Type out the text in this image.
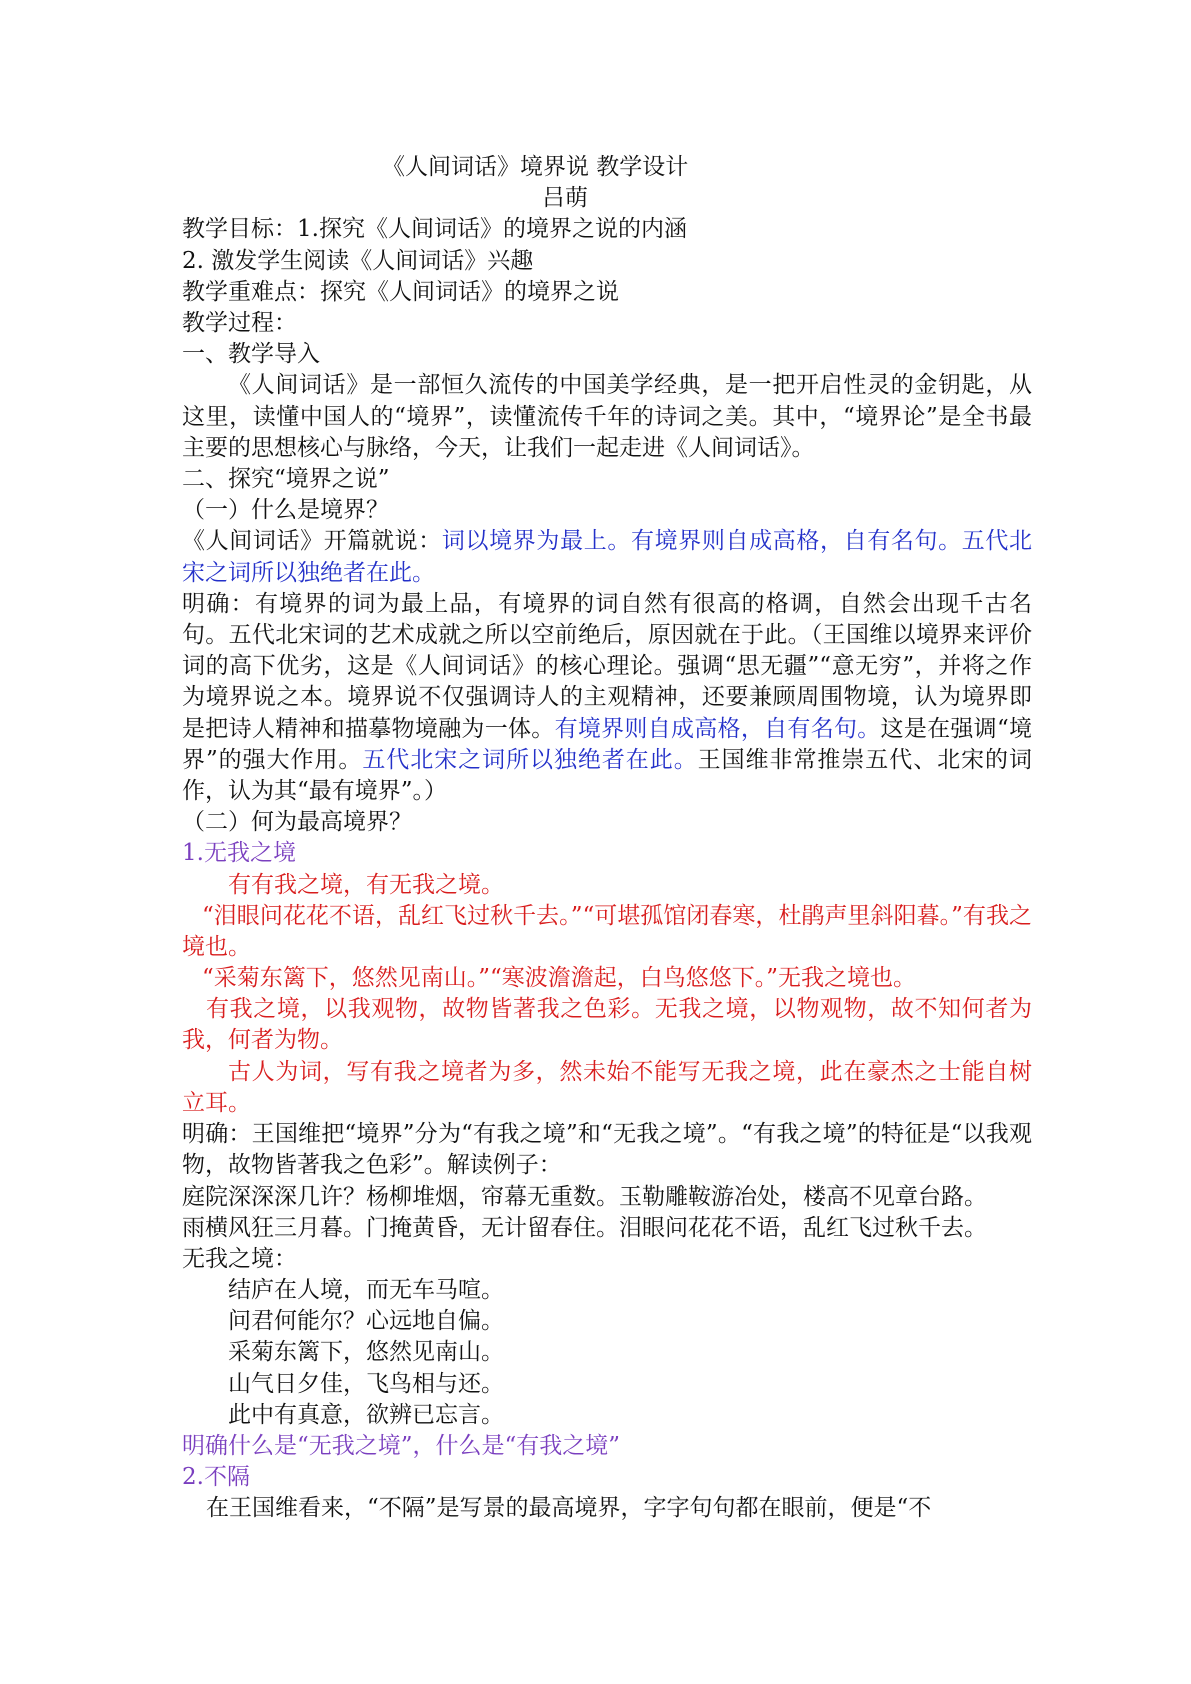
《人间词话》境界说 教学设计
吕萌
教学目标：1.探究《人间词话》的境界之说的内涵
2. 激发学生阅读《人间词话》兴趣
教学重难点：探究《人间词话》的境界之说
教学过程：
一、教学导入
《人间词话》是一部恒久流传的中国美学经典，是一把开启性灵的金钥匙，从这里，读懂中国人的“境界”，读懂流传千年的诗词之美。其中，“境界论”是全书最主要的思想核心与脉络，今天，让我们一起走进《人间词话》。
二、探究“境界之说”
（一）什么是境界？
《人间词话》开篇就说：词以境界为最上。有境界则自成高格，自有名句。五代北宋之词所以独绝者在此。
明确：有境界的词为最上品，有境界的词自然有很高的格调，自然会出现千古名句。五代北宋词的艺术成就之所以空前绝后，原因就在于此。（王国维以境界来评价词的高下优劣，这是《人间词话》的核心理论。强调“思无疆”“意无穷”，并将之作为境界说之本。境界说不仅强调诗人的主观精神，还要兼顾周围物境，认为境界即是把诗人精神和描摹物境融为一体。有境界则自成高格，自有名句。这是在强调“境界”的强大作用。五代北宋之词所以独绝者在此。王国维非常推崇五代、北宋的词作，认为其“最有境界”。）
（二）何为最高境界？
1.无我之境
有有我之境，有无我之境。
“泪眼问花花不语，乱红飞过秋千去。”“可堪孤馆闭春寒，杜鹃声里斜阳暮。”有我之境也。
“采菊东篱下，悠然见南山。”“寒波澹澹起，白鸟悠悠下。”无我之境也。
有我之境，以我观物，故物皆著我之色彩。无我之境，以物观物，故不知何者为我，何者为物。
古人为词，写有我之境者为多，然未始不能写无我之境，此在豪杰之士能自树立耳。
明确：王国维把“境界”分为“有我之境”和“无我之境”。“有我之境”的特征是“以我观物，故物皆著我之色彩”。解读例子：
庭院深深深几许？杨柳堆烟，帘幕无重数。玉勒雕鞍游冶处，楼高不见章台路。
雨横风狂三月暮。门掩黄昏，无计留春住。泪眼问花花不语，乱红飞过秋千去。
无我之境：
结庐在人境，而无车马喧。
问君何能尔？心远地自偏。
采菊东篱下，悠然见南山。
山气日夕佳，飞鸟相与还。
此中有真意，欲辨已忘言。
明确什么是“无我之境”，什么是“有我之境”
2.不隔
在王国维看来，“不隔”是写景的最高境界，字字句句都在眼前，便是“不
